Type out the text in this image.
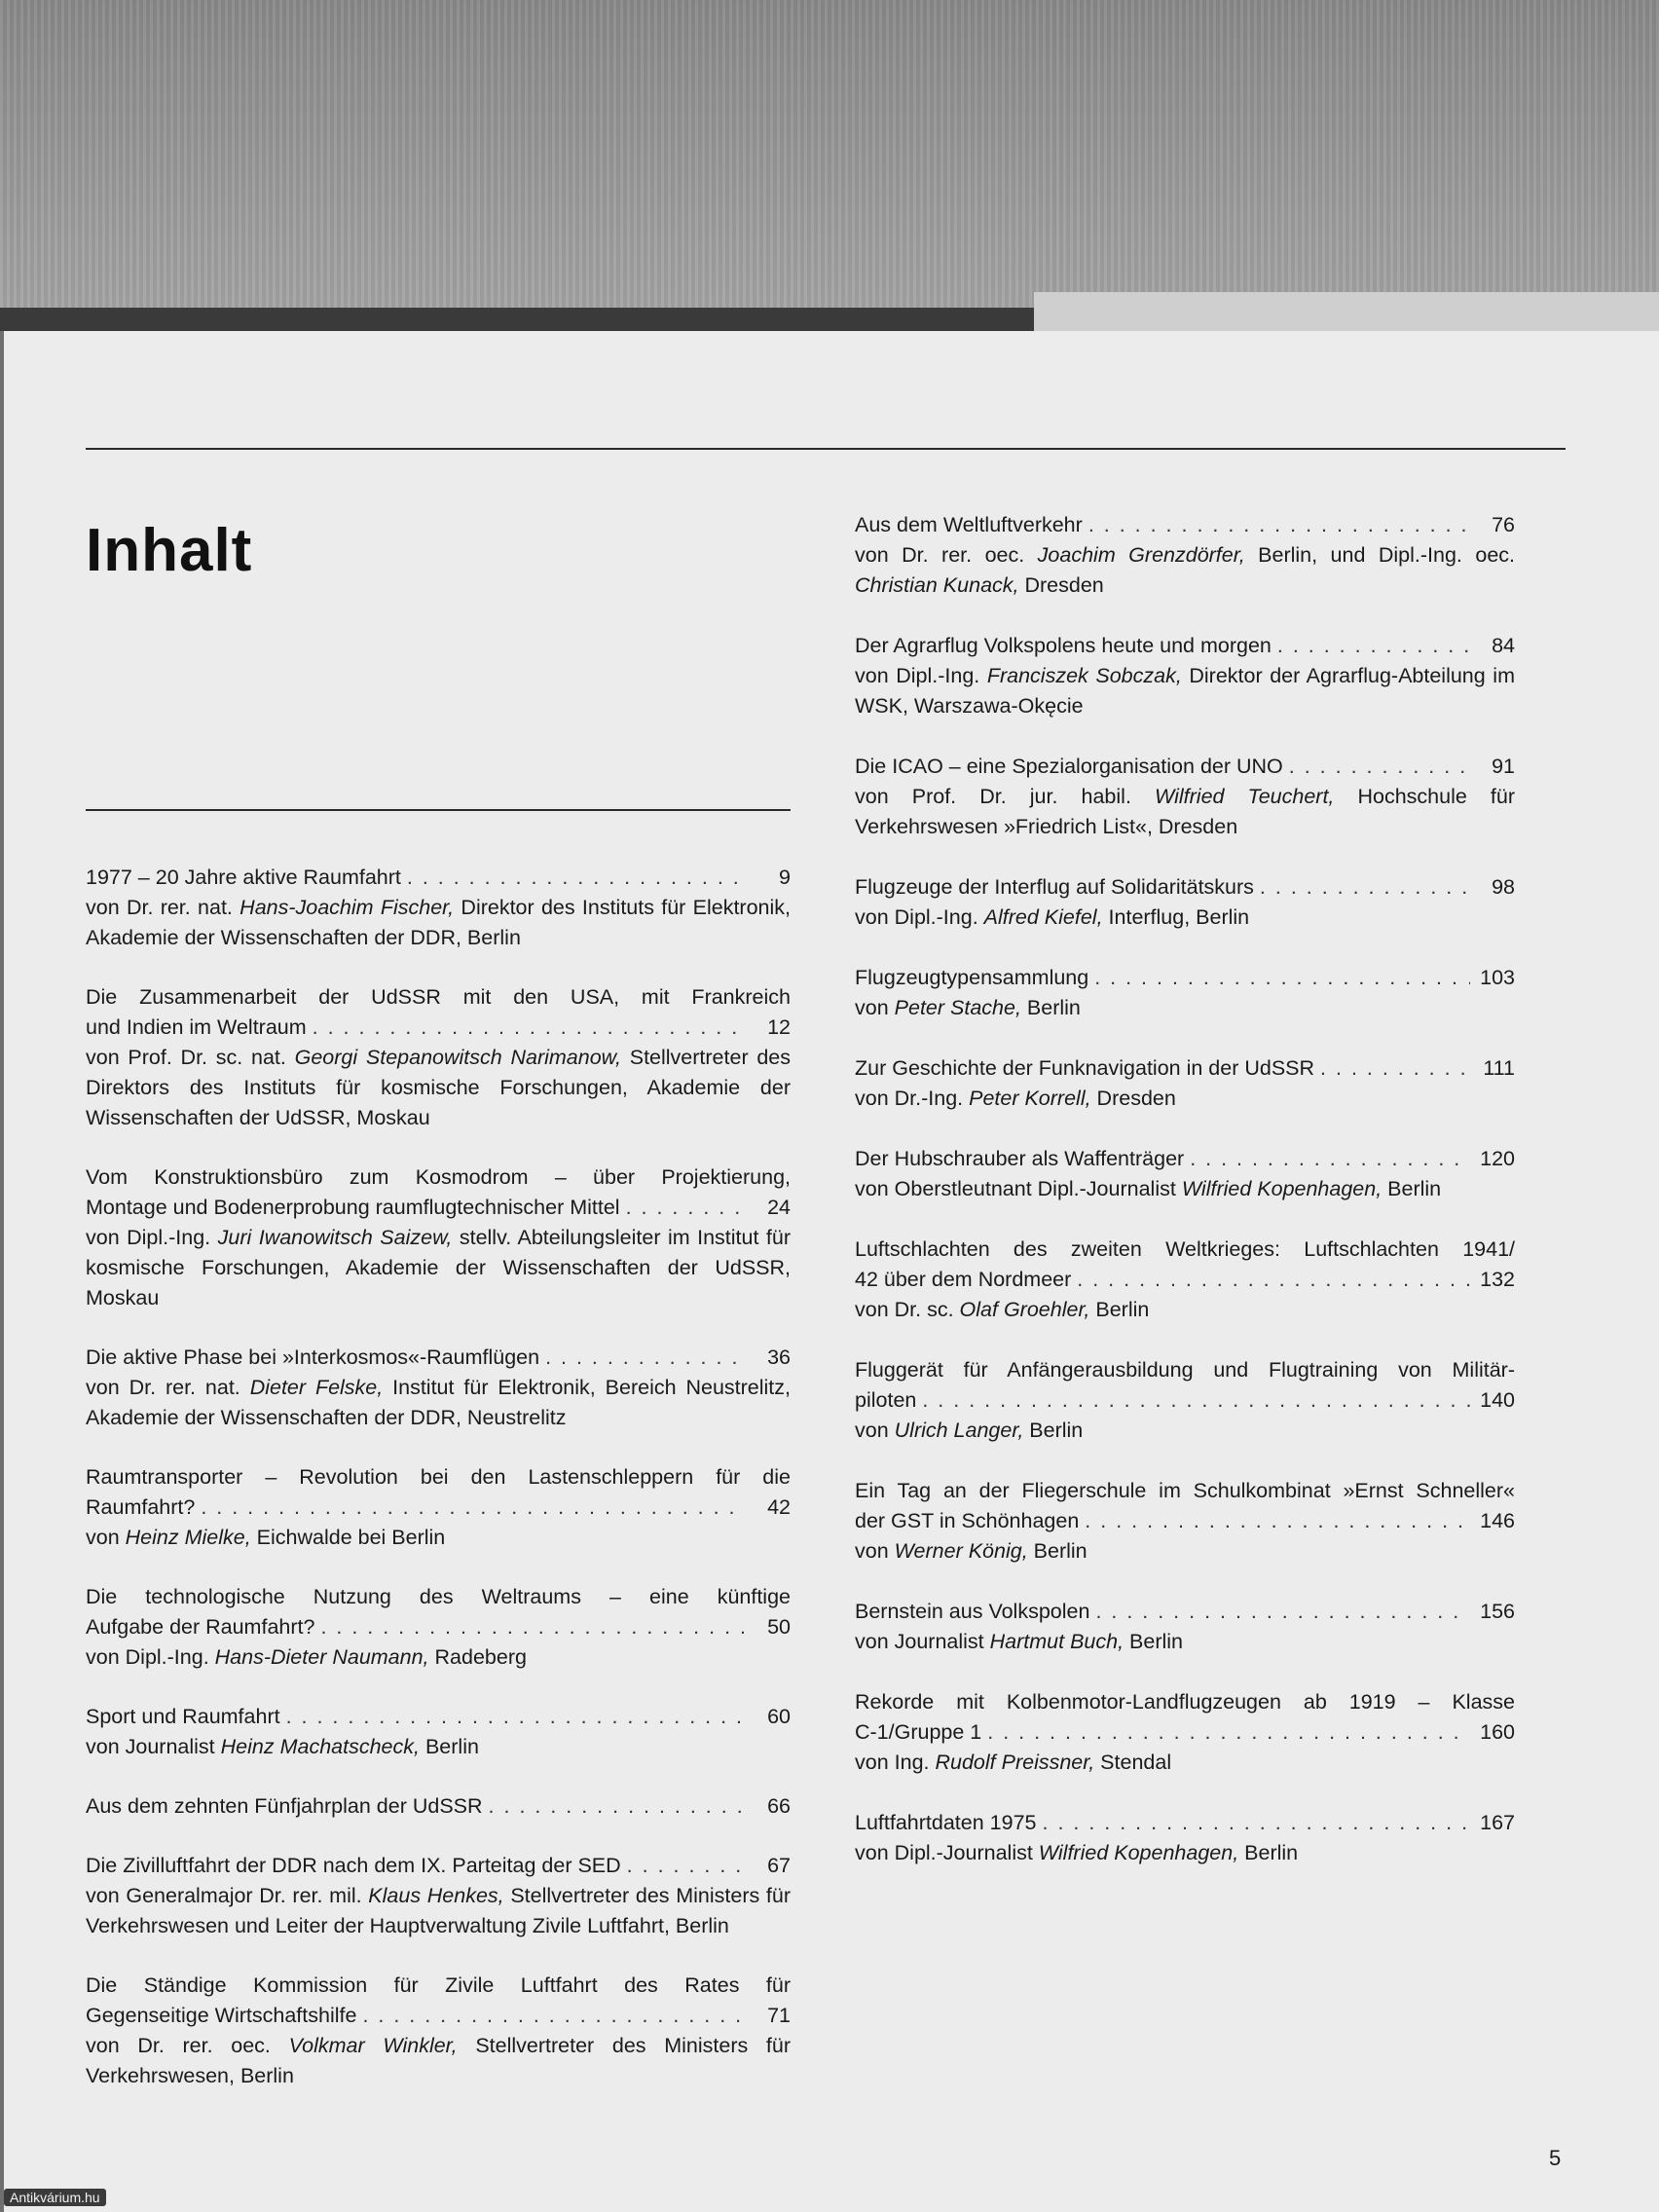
Inhalt
1977 – 20 Jahre aktive Raumfahrt . . .	9
von Dr. rer. nat. Hans-Joachim Fischer, Direktor des Instituts für Elektronik, Akademie der Wissenschaften der DDR, Berlin
Die Zusammenarbeit der UdSSR mit den USA, mit Frankreich
und Indien im Weltraum . . .	12
von Prof. Dr. sc. nat. Georgi Stepanowitsch Narimanow, Stellvertreter des Direktors des Instituts für kosmische Forschungen, Akademie der Wissenschaften der UdSSR, Moskau
Vom Konstruktionsbüro zum Kosmodrom – über Projektierung,
Montage und Bodenerprobung raumflugtechnischer Mittel . . .	24
von Dipl.-Ing. Juri Iwanowitsch Saizew, stellv. Abteilungsleiter im Institut für kosmische Forschungen, Akademie der Wissenschaften der UdSSR, Moskau
Die aktive Phase bei »Interkosmos«-Raumflügen . . .	36
von Dr. rer. nat. Dieter Felske, Institut für Elektronik, Bereich Neustrelitz, Akademie der Wissenschaften der DDR, Neustrelitz
Raumtransporter – Revolution bei den Lastenschleppern für die
Raumfahrt? . . .	42
von Heinz Mielke, Eichwalde bei Berlin
Die technologische Nutzung des Weltraums – eine künftige
Aufgabe der Raumfahrt? . . .	50
von Dipl.-Ing. Hans-Dieter Naumann, Radeberg
Sport und Raumfahrt . . .	60
von Journalist Heinz Machatscheck, Berlin
Aus dem zehnten Fünfjahrplan der UdSSR . . .	66
Die Zivilluftfahrt der DDR nach dem IX. Parteitag der SED . . .	67
von Generalmajor Dr. rer. mil. Klaus Henkes, Stellvertreter des Ministers für Verkehrswesen und Leiter der Hauptverwaltung Zivile Luftfahrt, Berlin
Die Ständige Kommission für Zivile Luftfahrt des Rates für
Gegenseitige Wirtschaftshilfe . . .	71
von Dr. rer. oec. Volkmar Winkler, Stellvertreter des Ministers für Verkehrswesen, Berlin
Aus dem Weltluftverkehr . . .	76
von Dr. rer. oec. Joachim Grenzdörfer, Berlin, und Dipl.-Ing. oec. Christian Kunack, Dresden
Der Agrarflug Volkspolens heute und morgen . . .	84
von Dipl.-Ing. Franciszek Sobczak, Direktor der Agrarflug-Abteilung im WSK, Warszawa-Okęcie
Die ICAO – eine Spezialorganisation der UNO . . .	91
von Prof. Dr. jur. habil. Wilfried Teuchert, Hochschule für Verkehrswesen »Friedrich List«, Dresden
Flugzeuge der Interflug auf Solidaritätskurs . . .	98
von Dipl.-Ing. Alfred Kiefel, Interflug, Berlin
Flugzeugtypensammlung . . .	103
von Peter Stache, Berlin
Zur Geschichte der Funknavigation in der UdSSR . . .	111
von Dr.-Ing. Peter Korrell, Dresden
Der Hubschrauber als Waffenträger . . .	120
von Oberstleutnant Dipl.-Journalist Wilfried Kopenhagen, Berlin
Luftschlachten des zweiten Weltkrieges: Luftschlachten 1941/
42 über dem Nordmeer . . .	132
von Dr. sc. Olaf Groehler, Berlin
Fluggerät für Anfängerausbildung und Flugtraining von Militär-
piloten . . .	140
von Ulrich Langer, Berlin
Ein Tag an der Fliegerschule im Schulkombinat »Ernst Schneller«
der GST in Schönhagen . . .	146
von Werner König, Berlin
Bernstein aus Volkspolen . . .	156
von Journalist Hartmut Buch, Berlin
Rekorde mit Kolbenmotor-Landflugzeugen ab 1919 – Klasse
C-1/Gruppe 1 . . .	160
von Ing. Rudolf Preissner, Stendal
Luftfahrtdaten 1975 . . .	167
von Dipl.-Journalist Wilfried Kopenhagen, Berlin
5
Antikvárium.hu
